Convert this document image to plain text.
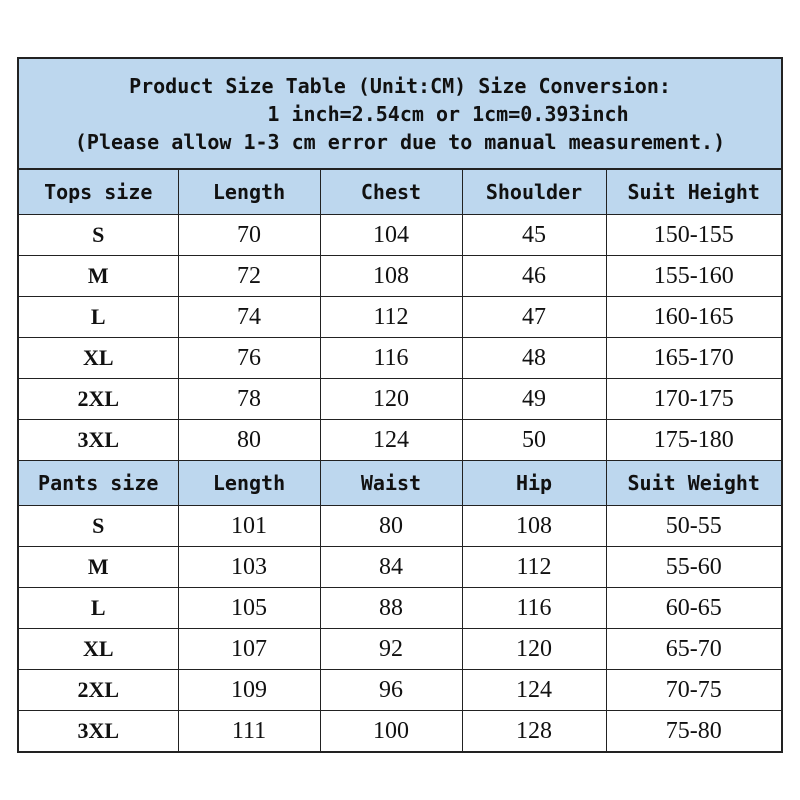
Product Size Table (Unit:CM) Size Conversion:
1 inch=2.54cm or 1cm=0.393inch
(Please allow 1-3 cm error due to manual measurement.)
Tops size	Length	Chest	Shoulder	Suit Height
S	70	104	45	150-155
M	72	108	46	155-160
L	74	112	47	160-165
XL	76	116	48	165-170
2XL	78	120	49	170-175
3XL	80	124	50	175-180
Pants size	Length	Waist	Hip	Suit Weight
S	101	80	108	50-55
M	103	84	112	55-60
L	105	88	116	60-65
XL	107	92	120	65-70
2XL	109	96	124	70-75
3XL	111	100	128	75-80
